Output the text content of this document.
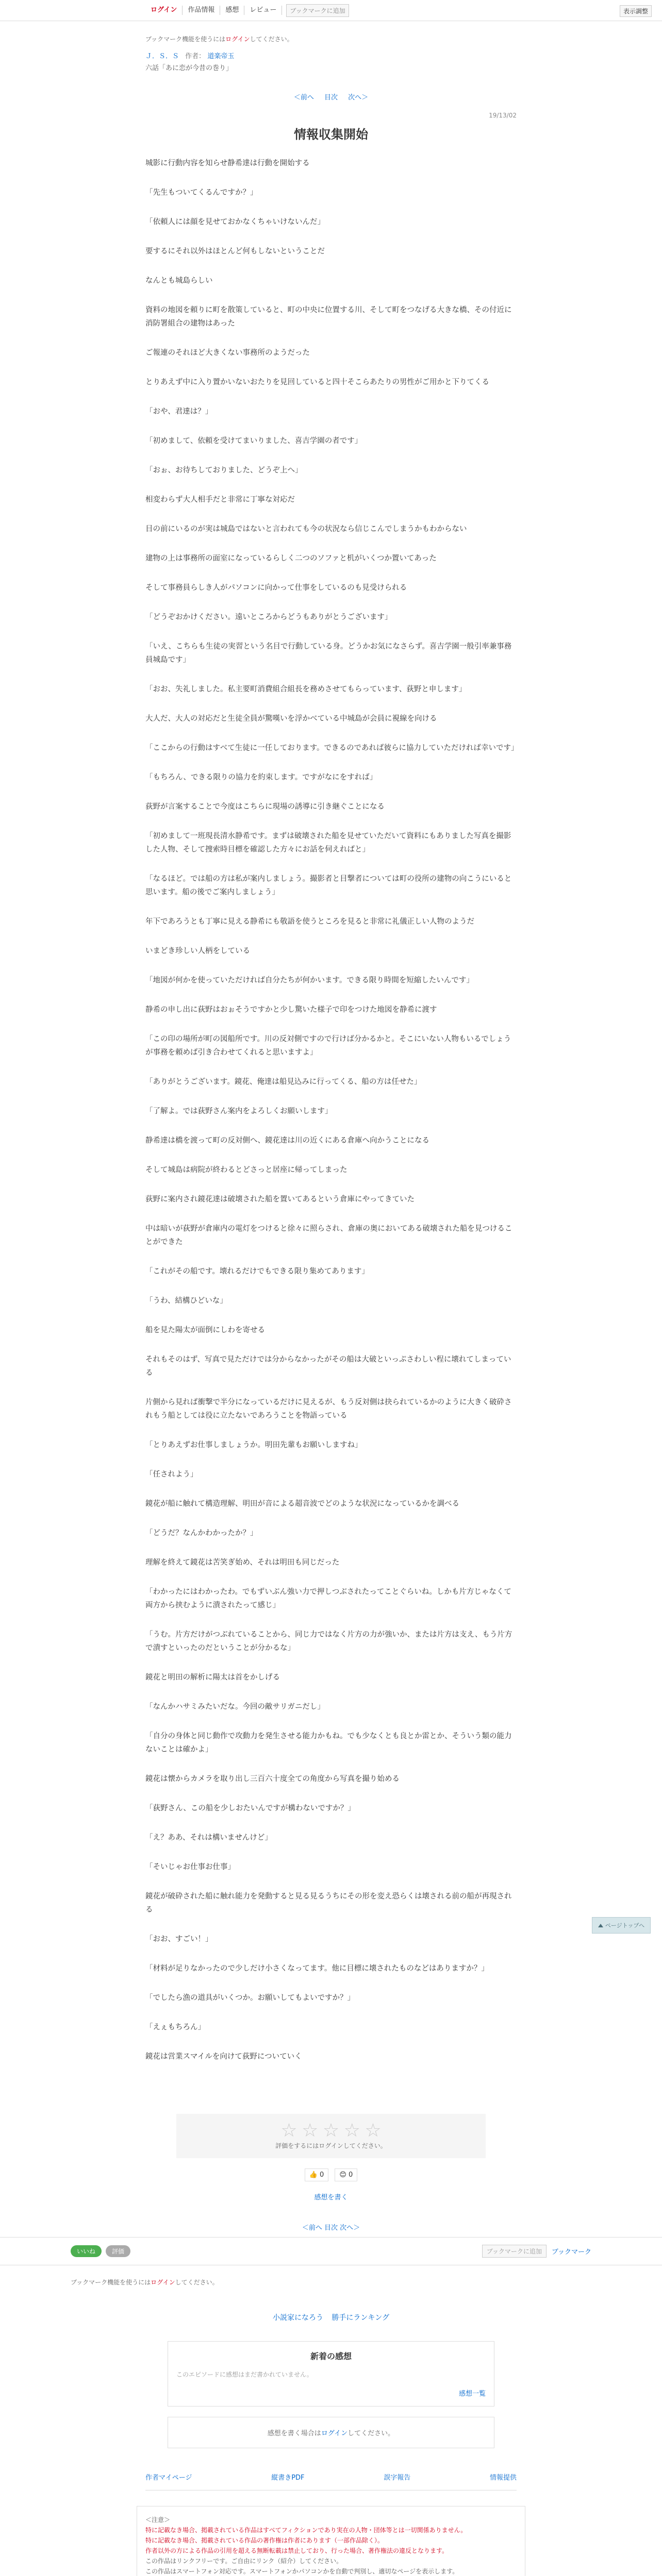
ログイン	作品情報	感想	レビュー	ブックマークに追加	表示調整
ブックマーク機能を使うにはログインしてください。
Ｊ．Ｓ．Ｓ 作者： 道楽帝玉
六話「あに恋が今昔の巻り」
＜前へ 目次 次へ＞
19/13/02
情報収集開始

城影に行動内容を知らせ静希達は行動を開始する

「先生もついてくるんですか？」

「依頼人には顔を見せておかなくちゃいけないんだ」

要するにそれ以外はほとんど何もしないということだ

なんとも城島らしい

資料の地図を頼りに町を散策していると、町の中央に位置する川、そして町をつなげる大きな橋、その付近に消防署組合の建物はあった

ご報連のそれほど大きくない事務所のようだった

とりあえず中に入り置かいないおたりを見回していると四十そこらあたりの男性がご用かと下りてくる

「おや、君達は？」

「初めまして、依頼を受けてまいりました、喜吉学園の者です」

「おぉ、お待ちしておりました、どうぞ上へ」

相変わらず大人相手だと非常に丁寧な対応だ

目の前にいるのが実は城島ではないと言われても今の状況なら信じこんでしまうかもわからない

建物の上は事務所の面室になっているらしく二つのソファと机がいくつか置いてあった

そして事務員らしき人がパソコンに向かって仕事をしているのも見受けられる

「どうぞおかけください。遠いところからどうもありがとうございます」

「いえ、こちらも生徒の実習という名目で行動している身。どうかお気になさらず。喜吉学園一般引率兼事務員城島です」

「おお、失礼しました。私主要町消費組合組長を務めさせてもらっています、荻野と申します」

大人だ、大人の対応だと生徒全員が驚嘆いを浮かべている中城島が会員に視線を向ける

「ここからの行動はすべて生徒に一任しております。できるのであれば彼らに協力していただければ幸いです」

「もちろん、できる限りの協力を約束します。ですがなにをすれば」

荻野が言案することで今度はこちらに現場の誘導に引き継ぐことになる

「初めまして一班現長清水静希です。まずは破壊された船を見せていただいて資料にもありました写真を撮影した人物、そして捜索時目標を確認した方々にお話を伺えればと」

「なるほど。では船の方は私が案内しましょう。撮影者と目撃者については町の役所の建物の向こうにいると思います。船の後でご案内しましょう」

年下であろうとも丁寧に見える静希にも敬語を使うところを見ると非常に礼儀正しい人物のようだ

いまどき珍しい人柄をしている

「地図が何かを使っていただければ自分たちが何かいます。できる限り時間を短縮したいんです」

静希の申し出に荻野はおぉそうですかと少し驚いた様子で印をつけた地図を静希に渡す

「この印の場所が町の図船所です。川の反対側ですので行けば分かるかと。そこにいない人物もいるでしょうが事務を頼めば引き合わせてくれると思いますよ」

「ありがとうございます。鏡花、俺達は船見込みに行ってくる、船の方は任せた」

「了解よ。では荻野さん案内をよろしくお願いします」

静希達は橋を渡って町の反対側へ、鏡花達は川の近くにある倉庫へ向かうことになる

そして城島は病院が終わるとどさっと居座に帰ってしまった

荻野に案内され鏡花達は破壊された船を置いてあるという倉庫にやってきていた

中は暗いが荻野が倉庫内の電灯をつけると徐々に照らされ、倉庫の奥においてある破壊された船を見つけることができた

「これがその船です。壊れるだけでもできる限り集めてあります」

「うわ、結構ひどいな」

船を見た陽太が面倒にしわを寄せる

それもそのはず、写真で見ただけでは分からなかったがその船は大破といっぷさわしい程に壊れてしまっている

片側から見れば衝撃で半分になっているだけに見えるが、もう反対側は抉られているかのように大きく破砕されもう船としては役に立たないであろうことを物語っている

「とりあえずお仕事しましょうか。明田先輩もお願いしますね」

「任されよう」

鏡花が船に触れて構造理解、明田が音による超音波でどのような状況になっているかを調べる

「どうだ？なんかわかったか？」

理解を終えて鏡花は苦笑ぎ始め、それは明田も同じだった

「わかったにはわかったわ。でもずいぶん強い力で押しつぶされたってことぐらいね。しかも片方じゃなくて両方から挟むように潰されたって感じ」

「うむ。片方だけがつぶれていることから、同じ力ではなく片方の力が強いか、または片方は支え、もう片方で潰すといったのだということが分かるな」

鏡花と明田の解析に陽太は首をかしげる

「なんかハサミみたいだな。今回の敵サリガニだし」

「自分の身体と同じ動作で攻動力を発生させる能力かもね。でも少なくとも良とか雷とか、そういう類の能力ないことは確かよ」

鏡花は懐からカメラを取り出し三百六十度全ての角度から写真を撮り始める

「荻野さん、この船を少しおたいんですが構わないですか？」

「え？ああ、それは構いませんけど」

「そいじゃお仕事お仕事」

鏡花が破砕された船に触れ能力を発動すると見る見るうちにその形を変え恐らくは壊される前の船が再現される

「おお、すごい！」

「材料が足りなかったので少しだけ小さくなってます。他に目標に壊されたものなどはありますか？」

「でしたら漁の道具がいくつか。お願いしてもよいですか？」

「えぇもちろん」

鏡花は営業スマイルを向けて荻野についていく

☆ ☆ ☆ ☆ ☆
評価をするにはログインしてください。
👍 0 😊 0
感想を書く
＜前へ 目次 次へ＞
いいね	評価	ブックマークに追加	ブックマーク
ブックマーク機能を使うにはログインしてください。
小説家になろう 勝手にランキング
新着の感想
このエピソードに感想はまだ書かれていません。
感想一覧
感想を書く場合はログインしてください。
作者マイページ	縦書きPDF	誤字報告	情報提供
＜注意＞
特に記載なき場合、掲載されている作品はすべてフィクションであり実在の人物・団体等とは一切関係ありません。
特に記載なき場合、掲載されている作品の著作権は作者にあります（一部作品除く）。
作者以外の方による作品の引用を超える無断転載は禁止しており、行った場合、著作権法の違反となります。
この作品はリンクフリーです。ご自由にリンク（紹介）してください。
この作品はスマートフォン対応です。スマートフォンかパソコンかを自動で判別し、適切なページを表示します。
ページトップへ
